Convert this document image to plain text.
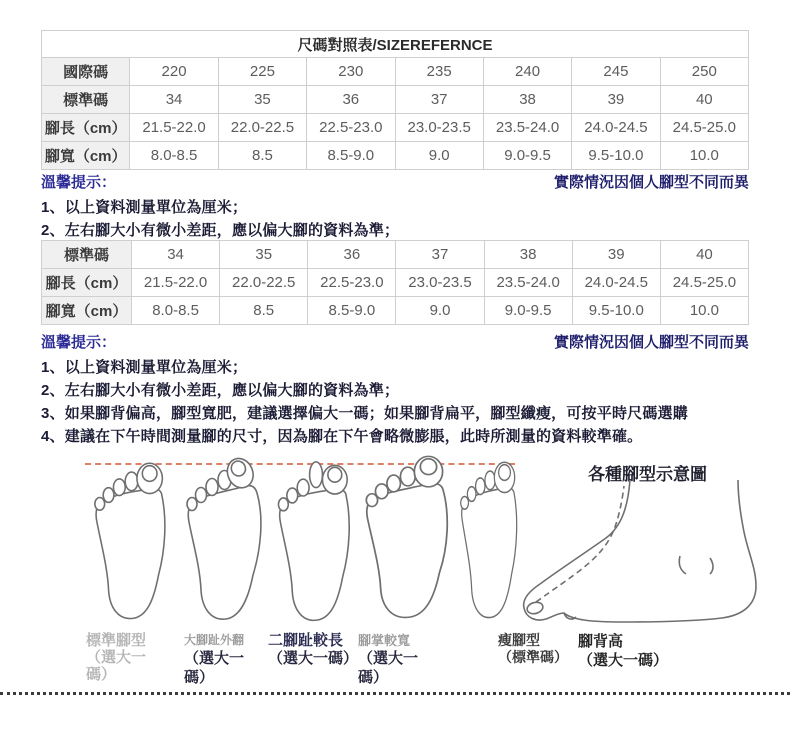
尺碼對照表/SIZEREFERNCE							
國際碼	220	225	230	235	240	245	250
標準碼	34	35	36	37	38	39	40
腳長（cm）	21.5-22.0	22.0-22.5	22.5-23.0	23.0-23.5	23.5-24.0	24.0-24.5	24.5-25.0
腳寬（cm）	8.0-8.5	8.5	8.5-9.0	9.0	9.0-9.5	9.5-10.0	10.0
溫馨提示：	實際情況因個人腳型不同而異
1、以上資料測量單位為厘米；
2、左右腳大小有微小差距，應以偏大腳的資料為準；
標準碼	34	35	36	37	38	39	40
腳長（cm）	21.5-22.0	22.0-22.5	22.5-23.0	23.0-23.5	23.5-24.0	24.0-24.5	24.5-25.0
腳寬（cm）	8.0-8.5	8.5	8.5-9.0	9.0	9.0-9.5	9.5-10.0	10.0
溫馨提示：	實際情況因個人腳型不同而異
1、以上資料測量單位為厘米；
2、左右腳大小有微小差距，應以偏大腳的資料為準；
3、如果腳背偏高，腳型寬肥，建議選擇偏大一碼；如果腳背扁平，腳型纖瘦，可按平時尺碼選購
4、建議在下午時間測量腳的尺寸，因為腳在下午會略微膨脹，此時所測量的資料較準確。
各種腳型示意圖
標準腳型
（選大一碼）
大腳趾外翻
（選大一碼）
二腳趾較長
（選大一碼）
腳掌較寬
（選大一碼）
瘦腳型
（標準碼）
腳背高
（選大一碼）
